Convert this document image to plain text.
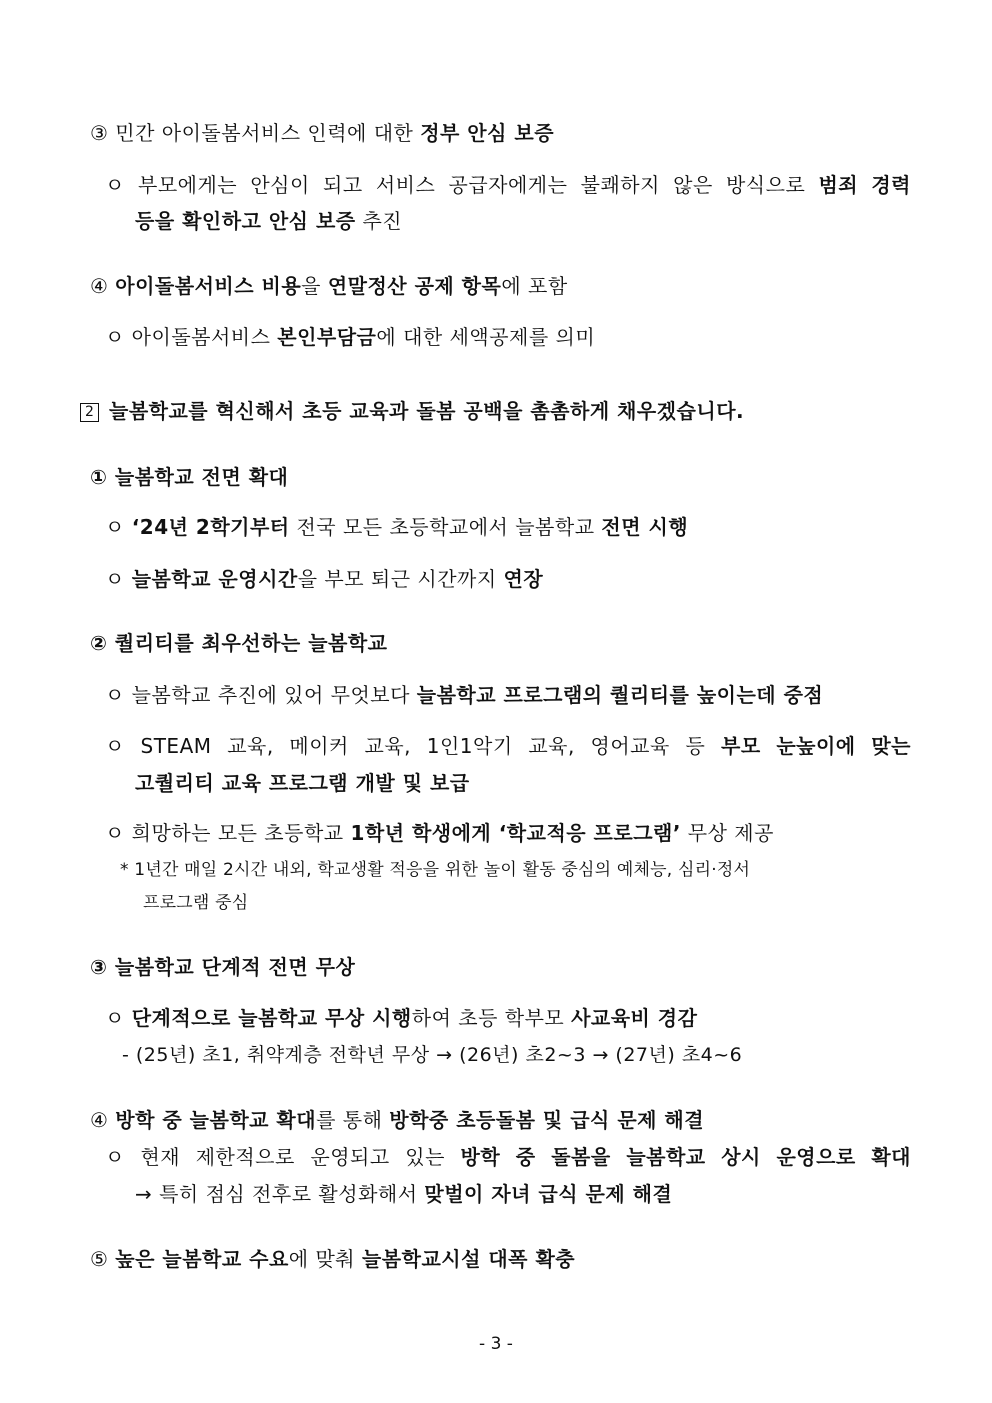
③ 민간 아이돌봄서비스 인력에 대한 정부 안심 보증
ㅇ 부모에게는 안심이 되고 서비스 공급자에게는 불쾌하지 않은 방식으로 범죄 경력
등을 확인하고 안심 보증 추진
④ 아이돌봄서비스 비용을 연말정산 공제 항목에 포함
ㅇ 아이돌봄서비스 본인부담금에 대한 세액공제를 의미
2 늘봄학교를 혁신해서 초등 교육과 돌봄 공백을 촘촘하게 채우겠습니다.
① 늘봄학교 전면 확대
ㅇ ‘24년 2학기부터 전국 모든 초등학교에서 늘봄학교 전면 시행
ㅇ 늘봄학교 운영시간을 부모 퇴근 시간까지 연장
② 퀄리티를 최우선하는 늘봄학교
ㅇ 늘봄학교 추진에 있어 무엇보다 늘봄학교 프로그램의 퀄리티를 높이는데 중점
ㅇ STEAM 교육, 메이커 교육, 1인1악기 교육, 영어교육 등 부모 눈높이에 맞는
고퀄리티 교육 프로그램 개발 및 보급
ㅇ 희망하는 모든 초등학교 1학년 학생에게 ‘학교적응 프로그램’ 무상 제공
* 1년간 매일 2시간 내외, 학교생활 적응을 위한 놀이 활동 중심의 예체능, 심리·정서
프로그램 중심
③ 늘봄학교 단계적 전면 무상
ㅇ 단계적으로 늘봄학교 무상 시행하여 초등 학부모 사교육비 경감
- (25년) 초1, 취약계층 전학년 무상 → (26년) 초2~3 → (27년) 초4~6
④ 방학 중 늘봄학교 확대를 통해 방학중 초등돌봄 및 급식 문제 해결
ㅇ 현재 제한적으로 운영되고 있는 방학 중 돌봄을 늘봄학교 상시 운영으로 확대
→ 특히 점심 전후로 활성화해서 맞벌이 자녀 급식 문제 해결
⑤ 높은 늘봄학교 수요에 맞춰 늘봄학교시설 대폭 확충
- 3 -
